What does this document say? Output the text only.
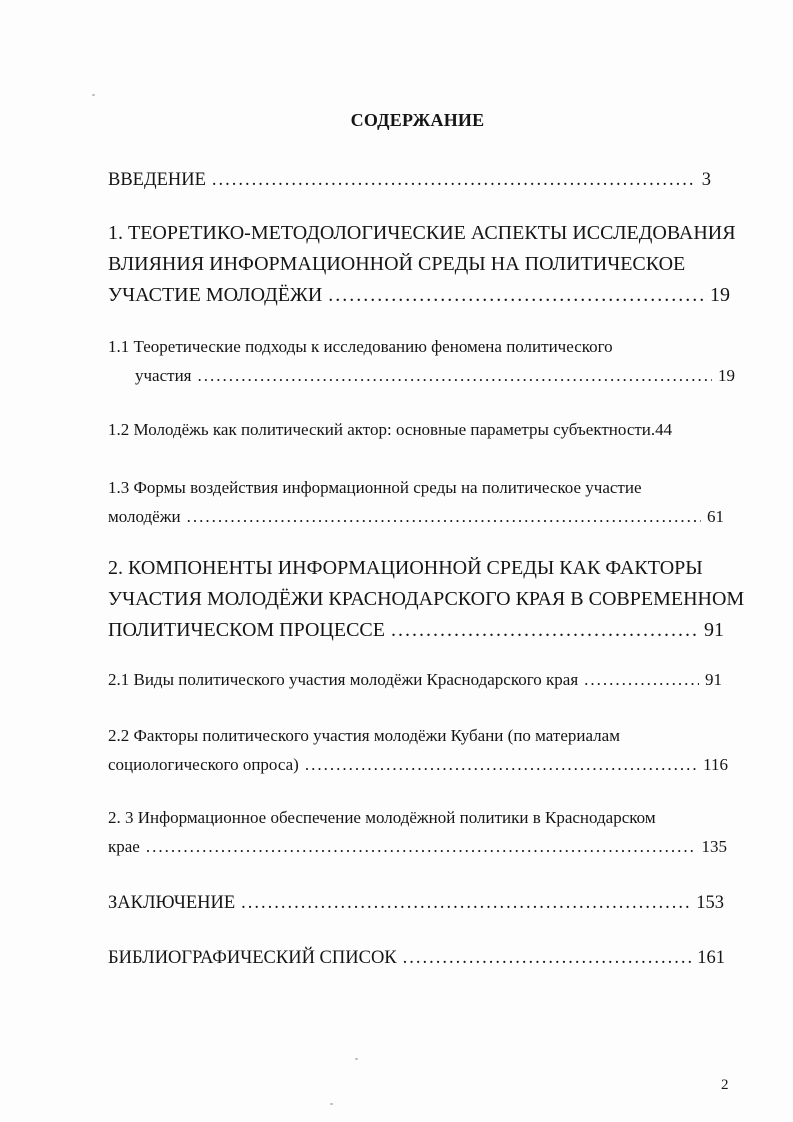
СОДЕРЖАНИЕ
ВВЕДЕНИЕ .....	3
1. ТЕОРЕТИКО-МЕТОДОЛОГИЧЕСКИЕ АСПЕКТЫ ИССЛЕДОВАНИЯ
ВЛИЯНИЯ ИНФОРМАЦИОННОЙ СРЕДЫ НА ПОЛИТИЧЕСКОЕ
УЧАСТИЕ МОЛОДЁЖИ .....	19
1.1 Теоретические подходы к исследованию феномена политического
участия .....	19
1.2 Молодёжь как политический актор: основные параметры субъектности. 44
1.3 Формы воздействия информационной среды на политическое участие
молодёжи .....	61
2. КОМПОНЕНТЫ ИНФОРМАЦИОННОЙ СРЕДЫ КАК ФАКТОРЫ
УЧАСТИЯ МОЛОДЁЖИ КРАСНОДАРСКОГО КРАЯ В СОВРЕМЕННОМ
ПОЛИТИЧЕСКОМ ПРОЦЕССЕ .....	91
2.1 Виды политического участия молодёжи Краснодарского края .....	91
2.2 Факторы политического участия молодёжи Кубани (по материалам
социологического опроса) .....	116
2. 3 Информационное обеспечение молодёжной политики в Краснодарском
крае .....	135
ЗАКЛЮЧЕНИЕ .....	153
БИБЛИОГРАФИЧЕСКИЙ СПИСОК .....	161
2
